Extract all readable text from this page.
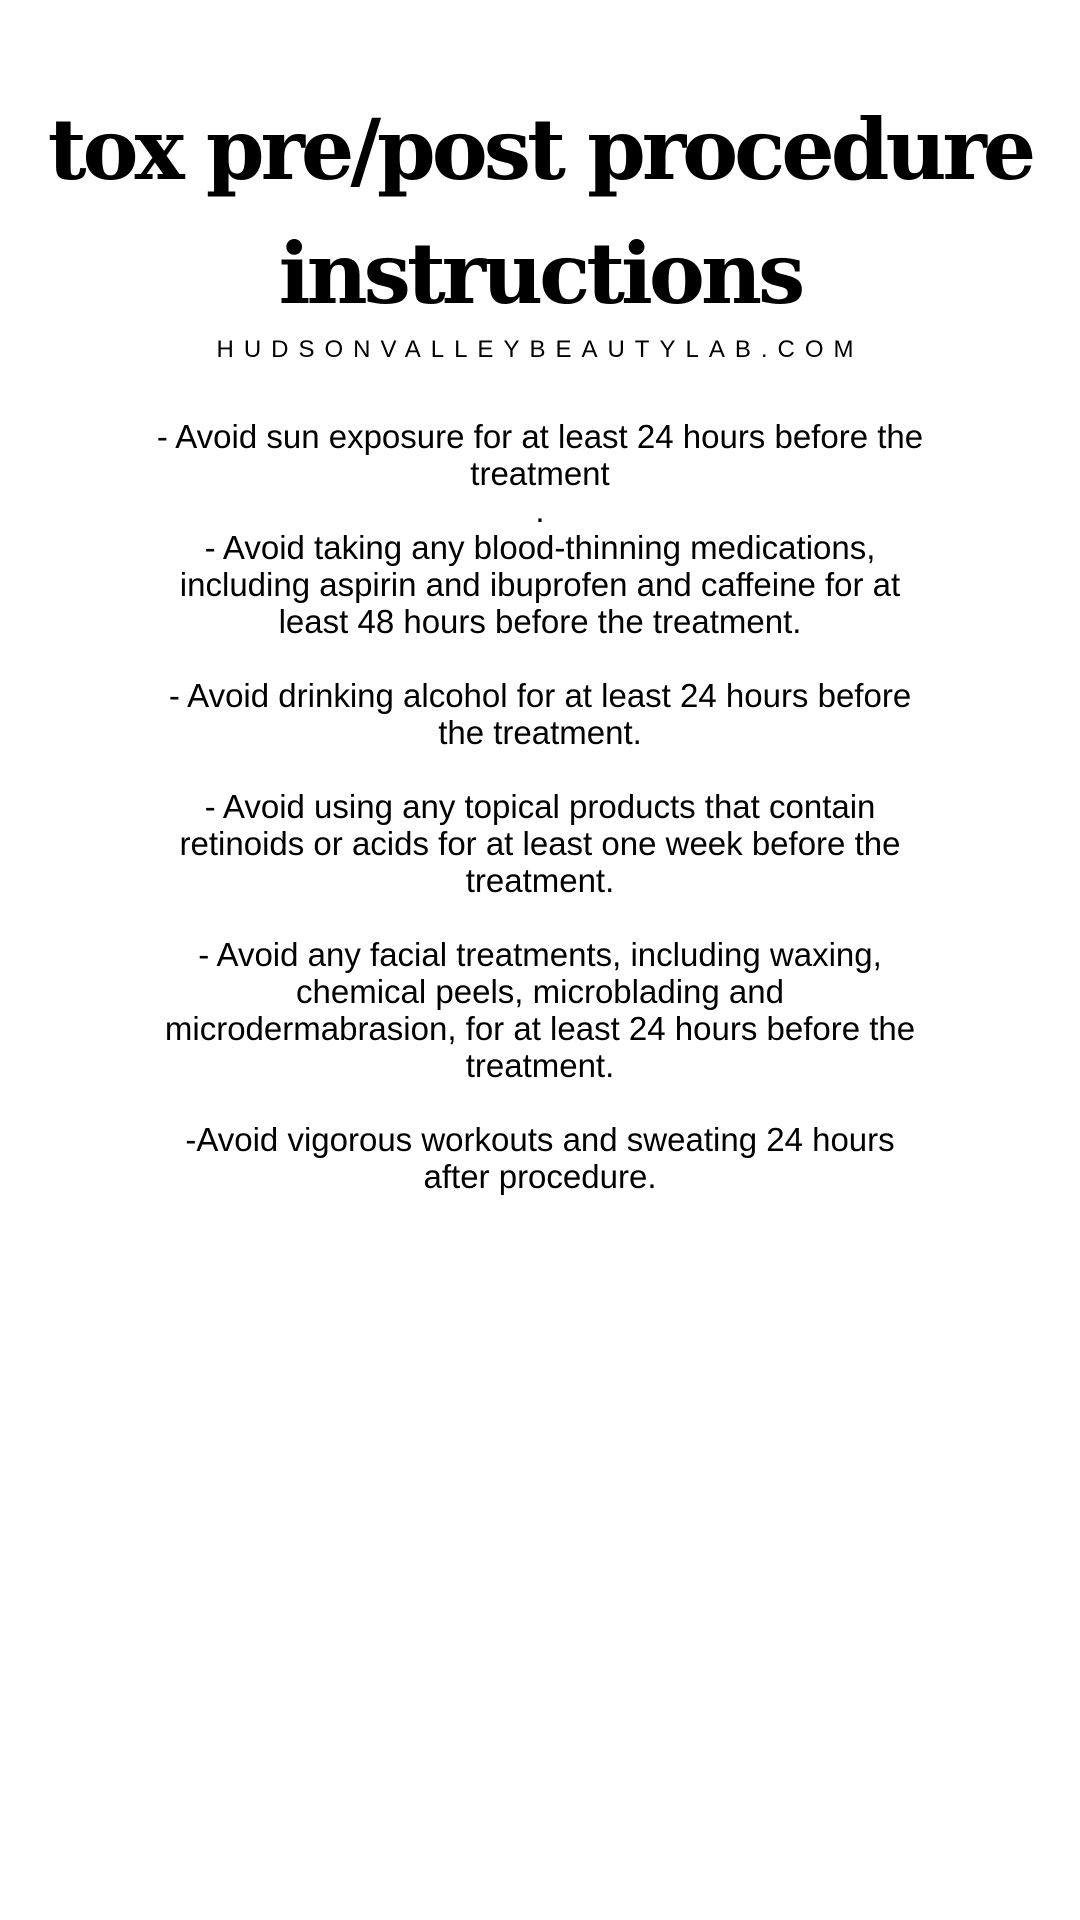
tox pre/post procedure
instructions
HUDSONVALLEYBEAUTYLAB.COM

- Avoid sun exposure for at least 24 hours before the

treatment

.

- Avoid taking any blood-thinning medications,

including aspirin and ibuprofen and caffeine for at

least 48 hours before the treatment.

- Avoid drinking alcohol for at least 24 hours before

the treatment.

- Avoid using any topical products that contain

retinoids or acids for at least one week before the

treatment.

- Avoid any facial treatments, including waxing,

chemical peels, microblading and

microdermabrasion, for at least 24 hours before the

treatment.

-Avoid vigorous workouts and sweating 24 hours

after procedure.
